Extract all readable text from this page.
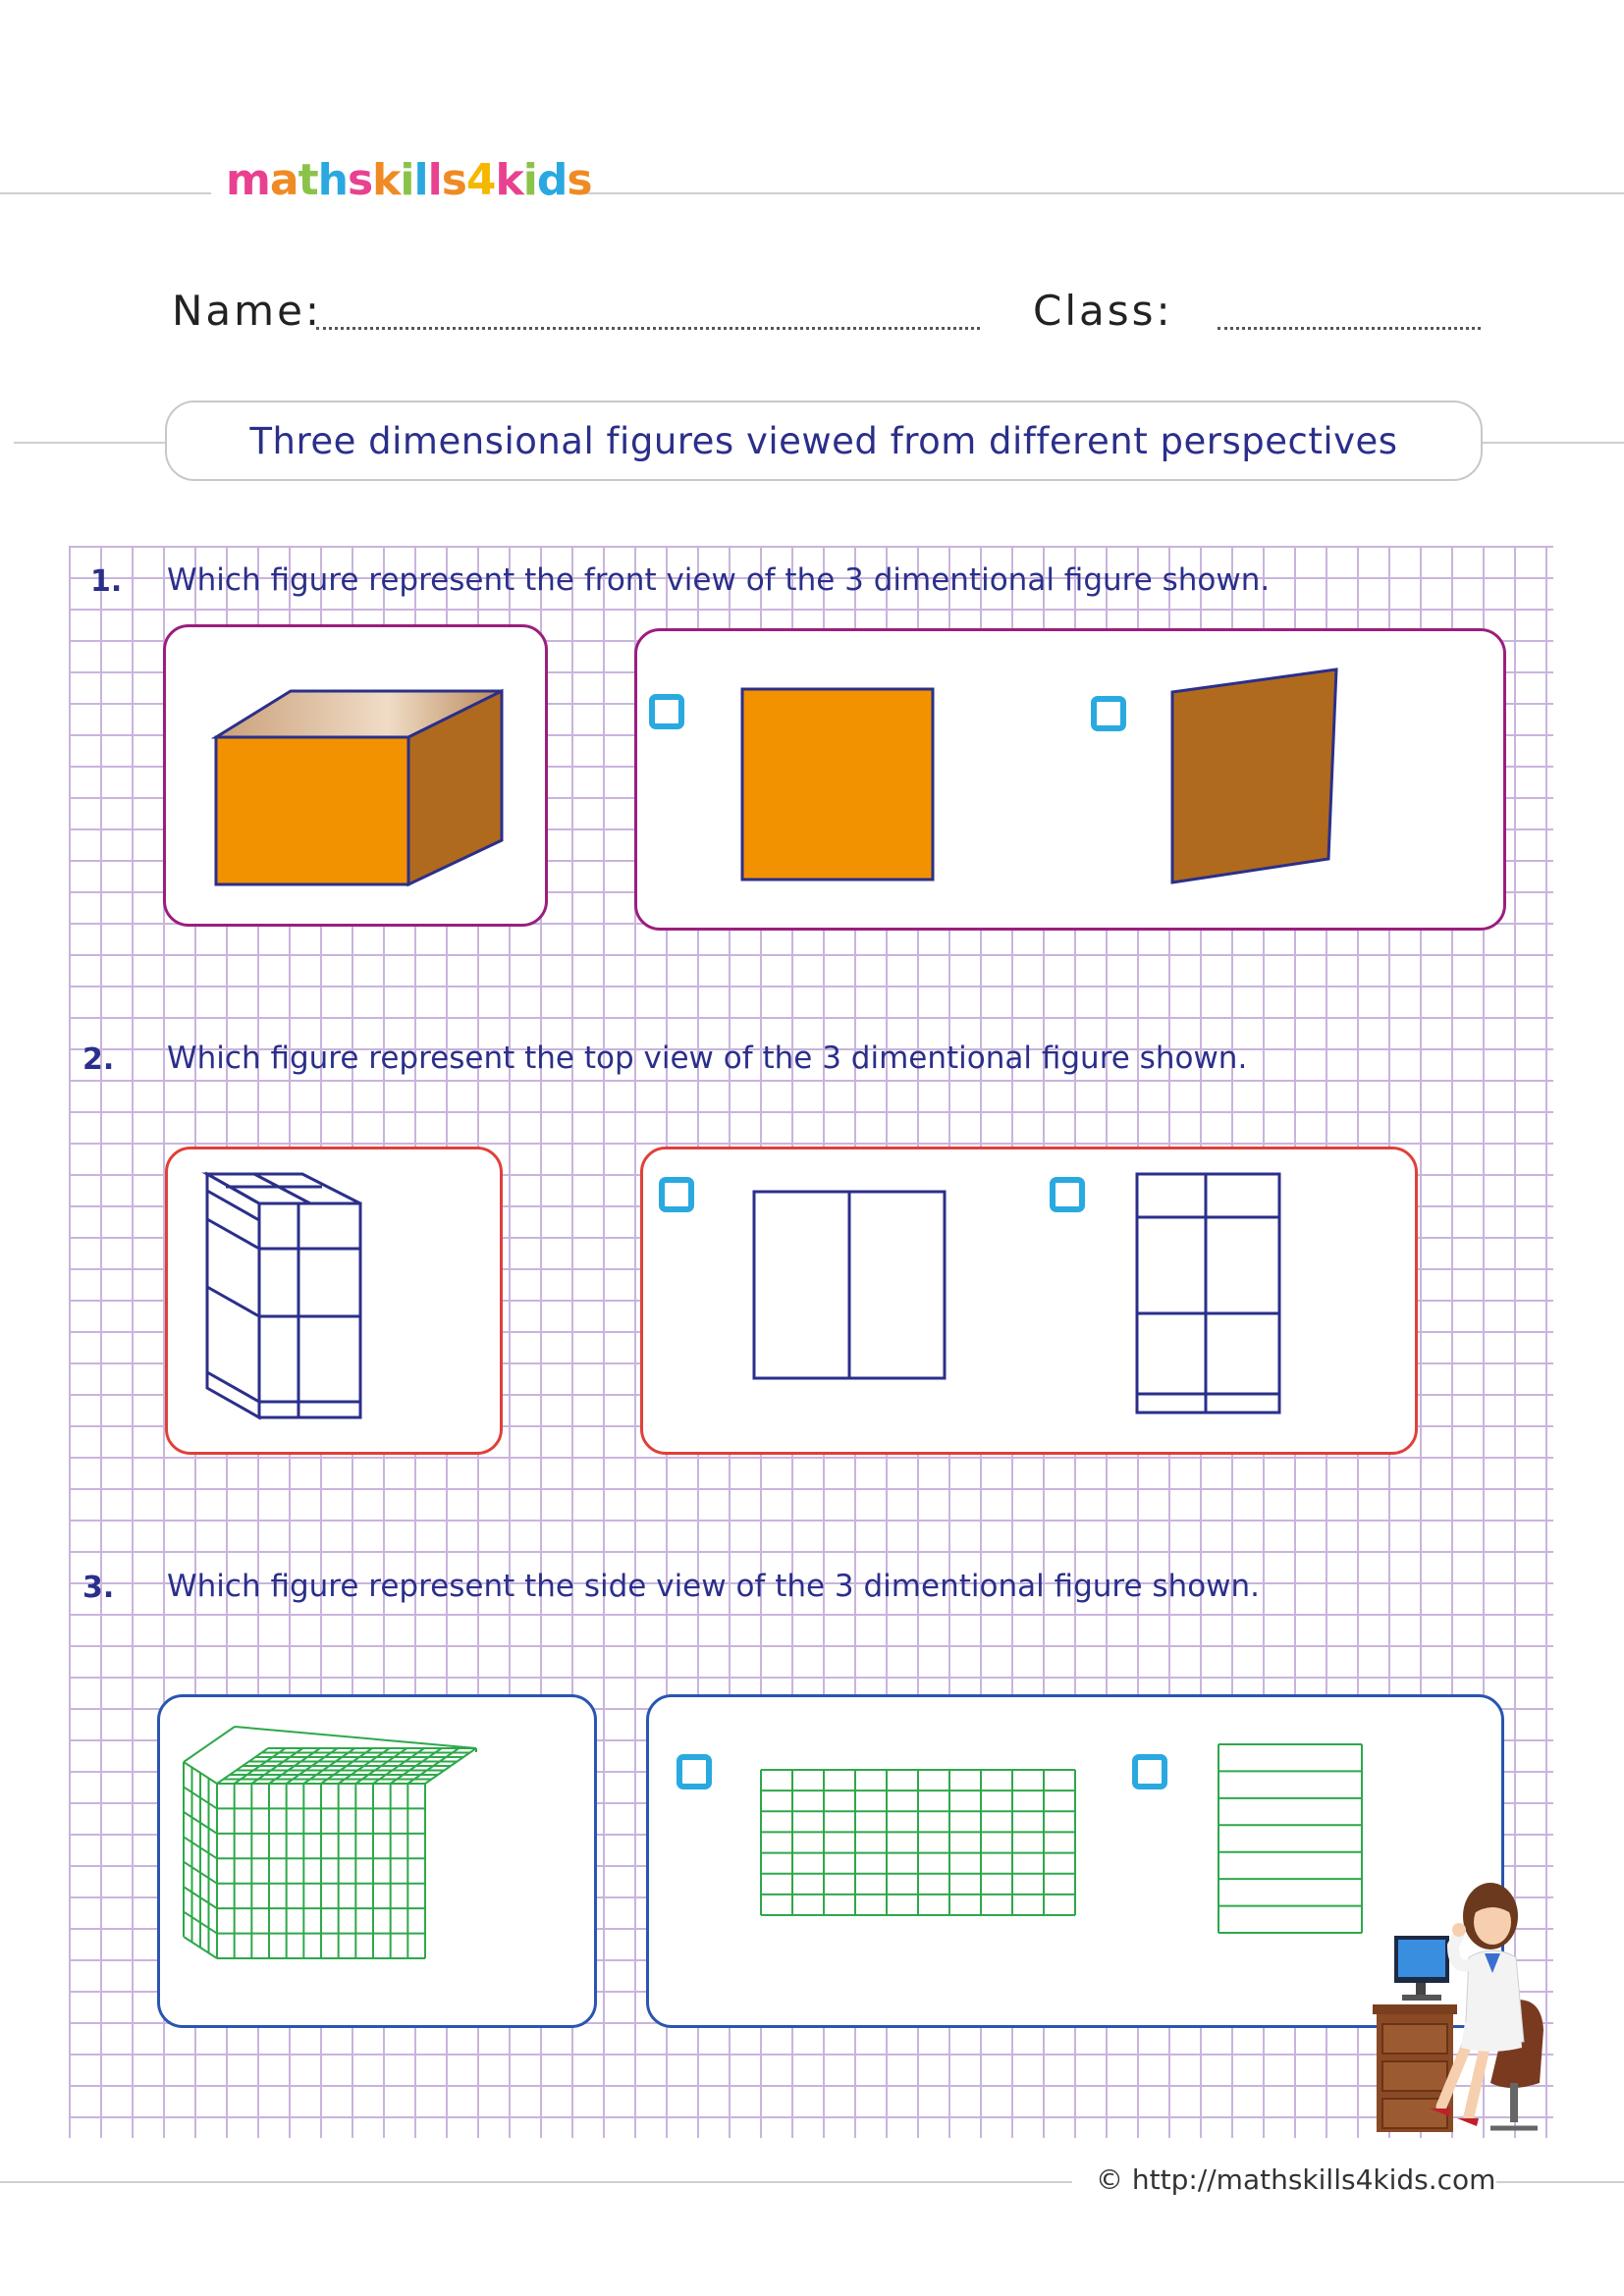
mathskills4kids
Name:	Class:
Three dimensional figures viewed from different perspectives
1. Which figure represent the front view of the 3 dimentional figure shown.
2. Which figure represent the top view of the 3 dimentional figure shown.
3. Which figure represent the side view of the 3 dimentional figure shown.
© http://mathskills4kids.com
